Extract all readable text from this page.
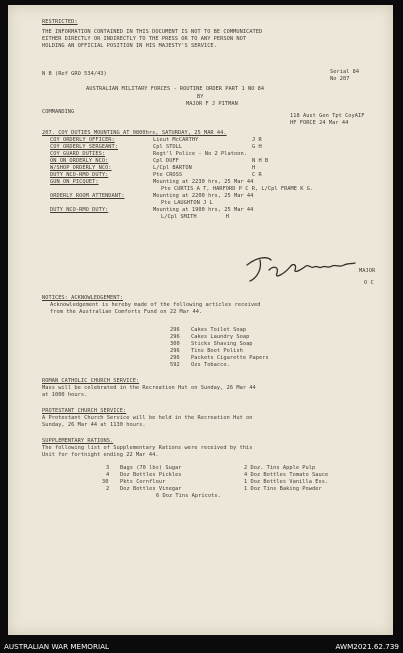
RESTRICTED:
THE INFORMATION CONTAINED IN THIS DOCUMENT IS NOT TO BE COMMUNICATED
EITHER DIRECTLY OR INDIRECTLY TO THE PRESS OR TO ANY PERSON NOT
HOLDING AN OFFICIAL POSITION IN HIS MAJESTY'S SERVICE.
N B (Ref GRO 534/43)	Serial 84
No 207
AUSTRALIAN MILITARY FORCES - ROUTINE ORDER PART 1 NO 84
BY
MAJOR F J PITMAN
COMMANDING
118 Aust Gen Tpt CoyAIF
HF FORCE 24 Mar 44
207. COY DUTIES MOUNTING AT 0800hrs, SATURDAY, 25 MAR 44.
COY ORDERLY OFFICER:	Lieut McCARTHY	J R
COY ORDERLY SERGEANT:	Cpl STOLL	G H
COY GUARD DUTIES:	Regt'l Police - No 2 Platoon.
ON ON ORDERLY NCO:	Cpl DUFF	N H B
W/SHOP ORDERLY NCO:	L/Cpl BARTON	H
DUTY NCO-RMO DUTY:	Pte CROSS	C R
GUN ON PICQUET:	Mounting at 2230 hrs, 25 Mar 44
Pte CURTIS A T, HARFORD P C R, L/Cpl FRAME K G.
ORDERLY ROOM ATTENDANT:	Mounting at 2200 hrs, 25 Mar 44
Pte LAUGHTON J L
DUTY NCO-RMO DUTY:	Mounting at 1900 hrs, 25 Mar 44
L/Cpl SMITH         H
MAJOR
O C
NOTICES: ACKNOWLEDGEMENT:
Acknowledgement is hereby made of the following articles received
from the Australian Comforts Fund on 22 Mar 44.
296 Cakes Toilet Soap
296 Cakes Laundry Soap
300 Sticks Shaving Soap
296 Tins Boot Polish
296 Packets Cigarette Papers
592 Ozs Tobacco.
ROMAN CATHOLIC CHURCH SERVICE:
Mass will be celebrated in the Recreation Hut on Sunday, 26 Mar 44
at 1000 hours.
PROTESTANT CHURCH SERVICE:
A Protestant Church Service will be held in the Recreation Hut on
Sunday, 26 Mar 44 at 1130 hours.
SUPPLEMENTARY RATIONS.
The following list of Supplementary Rations were received by this
Unit for fortnight ending 22 Mar 44.
3 Bags (70 lbs) Sugar
4 Doz Bottles Pickles
30 Pkts Cornflour
2 Doz Bottles Vinegar
2 Doz. Tins Apple Pulp
4 Doz Bottles Tomato Sauce
1 Doz Bottles Vanilla Ess.
1 Doz Tins Baking Powder
6 Doz Tins Apricots.
AUSTRALIAN WAR MEMORIAL	AWM2021.62.739
